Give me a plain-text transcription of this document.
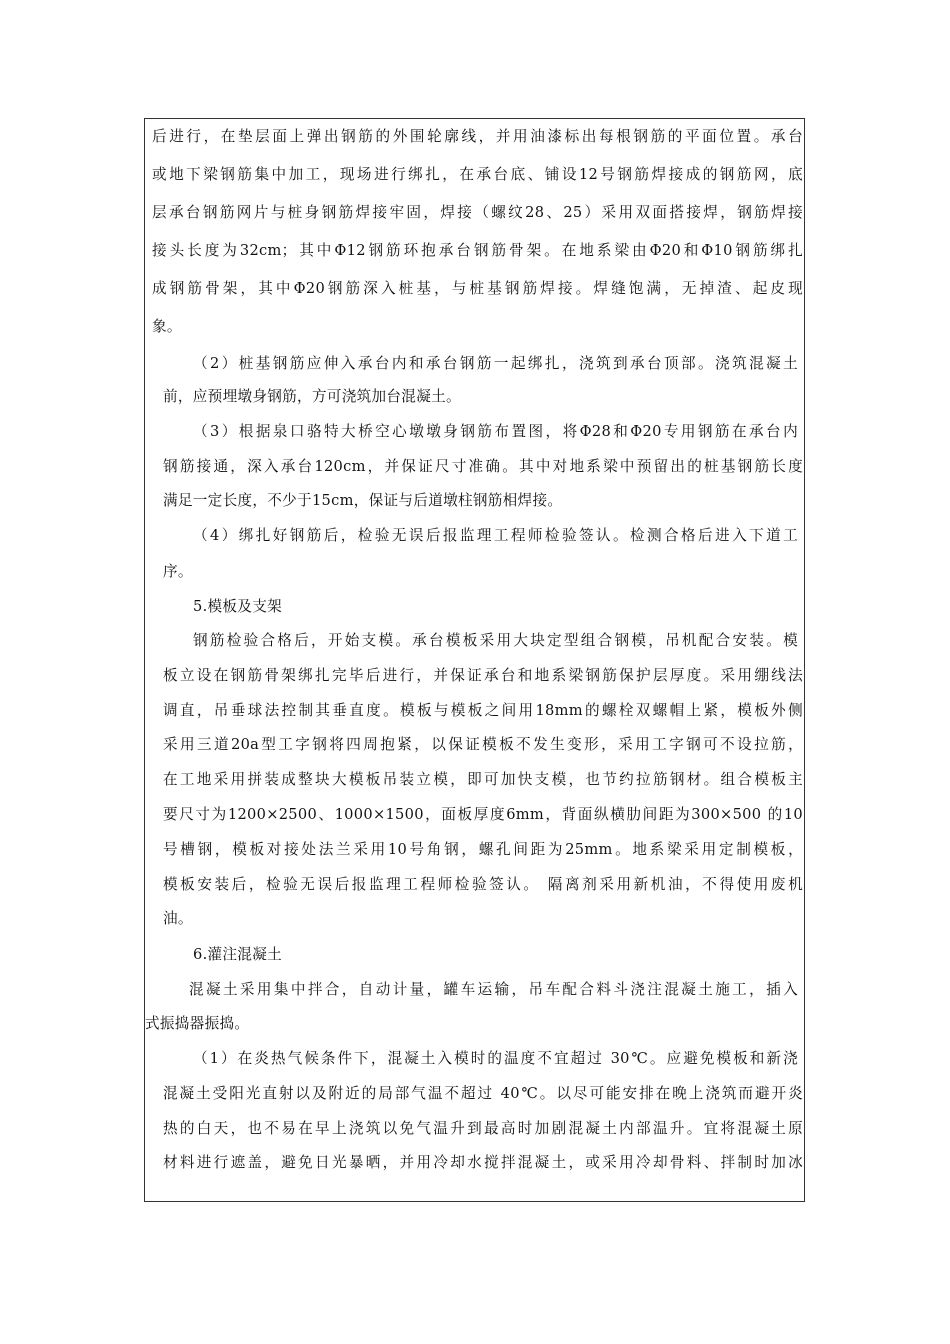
后进行，在垫层面上弹出钢筋的外围轮廓线，并用油漆标出每根钢筋的平面位置。承台
或地下梁钢筋集中加工，现场进行绑扎，在承台底、铺设12号钢筋焊接成的钢筋网，底
层承台钢筋网片与桩身钢筋焊接牢固，焊接（螺纹28、25）采用双面搭接焊，钢筋焊接
接头长度为32cm；其中Φ12钢筋环抱承台钢筋骨架。在地系梁由Φ20和Φ10钢筋绑扎
成钢筋骨架，其中Φ20钢筋深入桩基，与桩基钢筋焊接。焊缝饱满，无掉渣、起皮现
象。
（2）桩基钢筋应伸入承台内和承台钢筋一起绑扎，浇筑到承台顶部。浇筑混凝土
前，应预埋墩身钢筋，方可浇筑加台混凝土。
（3）根据泉口骆特大桥空心墩墩身钢筋布置图，将Φ28和Φ20专用钢筋在承台内
钢筋接通，深入承台120cm，并保证尺寸准确。其中对地系梁中预留出的桩基钢筋长度
满足一定长度，不少于15cm，保证与后道墩柱钢筋相焊接。
（4）绑扎好钢筋后，检验无误后报监理工程师检验签认。检测合格后进入下道工
序。
5.模板及支架
钢筋检验合格后，开始支模。承台模板采用大块定型组合钢模，吊机配合安装。模
板立设在钢筋骨架绑扎完毕后进行，并保证承台和地系梁钢筋保护层厚度。采用绷线法
调直，吊垂球法控制其垂直度。模板与模板之间用18mm的螺栓双螺帽上紧，模板外侧
采用三道20a型工字钢将四周抱紧，以保证模板不发生变形，采用工字钢可不设拉筋，
在工地采用拼装成整块大模板吊装立模，即可加快支模，也节约拉筋钢材。组合模板主
要尺寸为1200×2500、1000×1500，面板厚度6mm，背面纵横肋间距为300×500 的10
号槽钢，模板对接处法兰采用10号角钢，螺孔间距为25mm。地系梁采用定制模板，
模板安装后，检验无误后报监理工程师检验签认。 隔离剂采用新机油，不得使用废机
油。
6.灌注混凝土
混凝土采用集中拌合，自动计量，罐车运输，吊车配合料斗浇注混凝土施工，插入
式振捣器振捣。
（1）在炎热气候条件下，混凝土入模时的温度不宜超过 30℃。应避免模板和新浇
混凝土受阳光直射以及附近的局部气温不超过 40℃。以尽可能安排在晚上浇筑而避开炎
热的白天，也不易在早上浇筑以免气温升到最高时加剧混凝土内部温升。宜将混凝土原
材料进行遮盖，避免日光暴晒，并用冷却水搅拌混凝土，或采用冷却骨料、拌制时加冰
